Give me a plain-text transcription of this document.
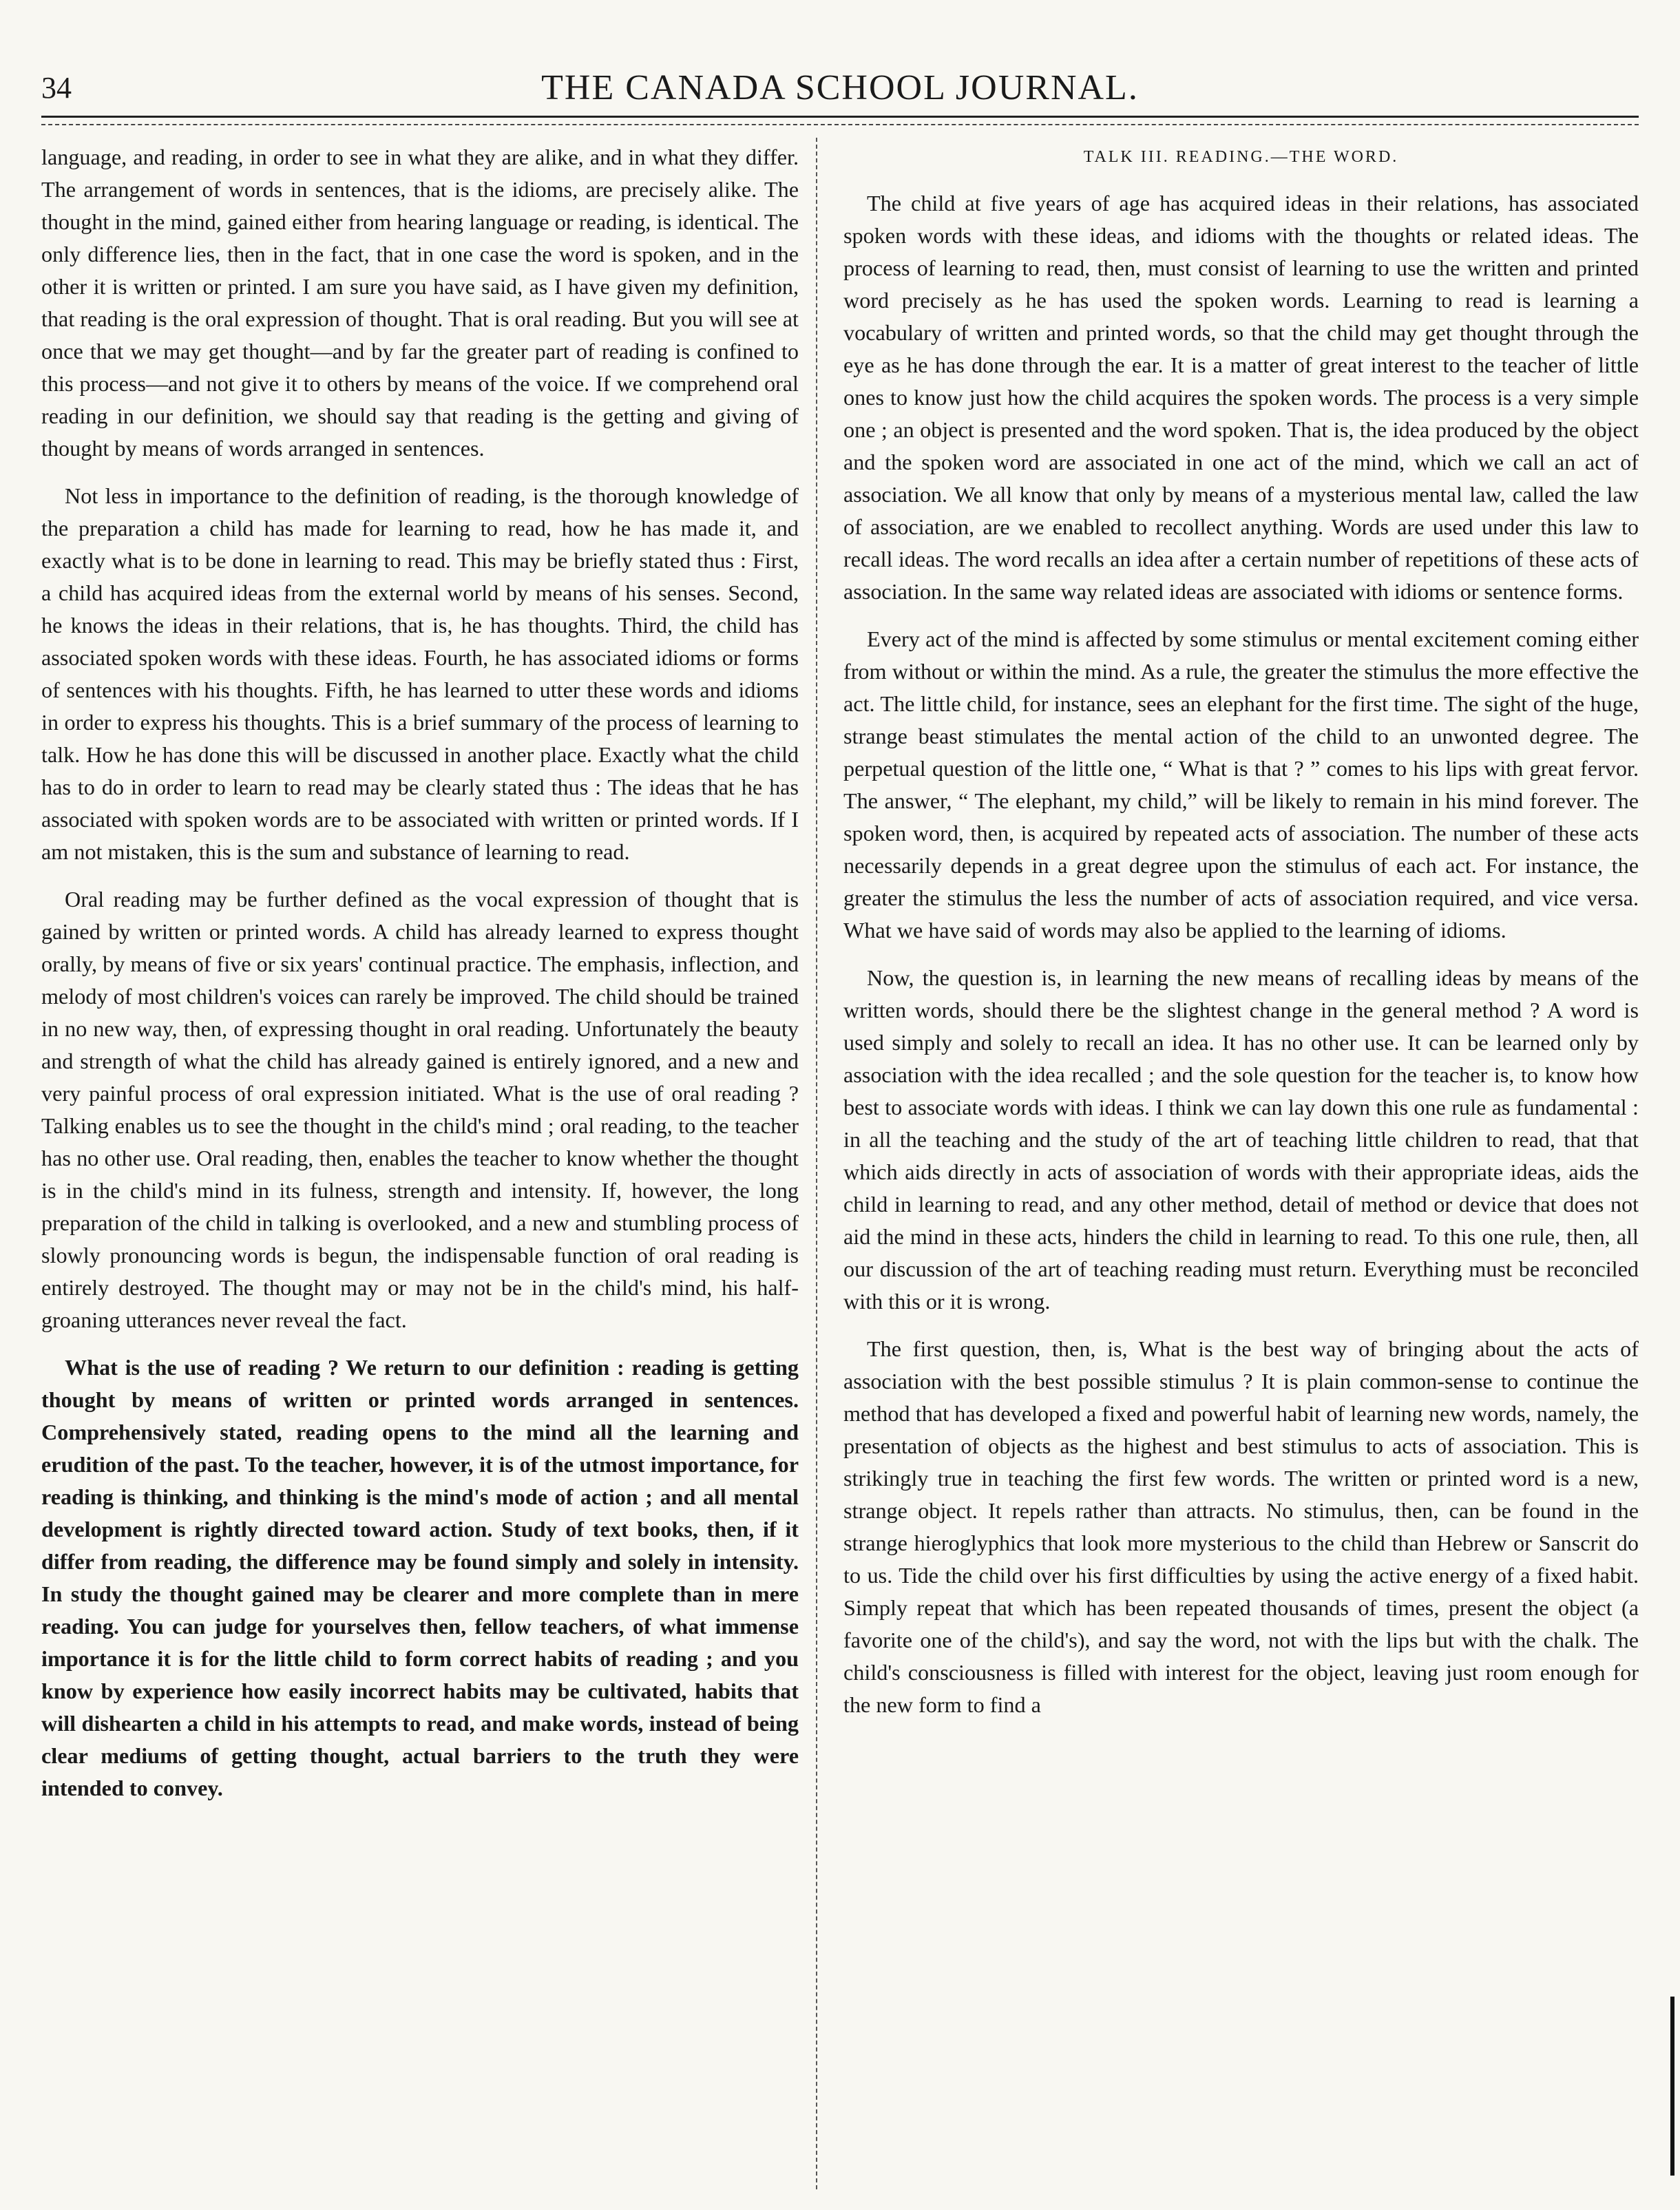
34	THE CANADA SCHOOL JOURNAL.

language, and reading, in order to see in what they are alike, and in what they differ. The arrangement of words in sentences, that is the idioms, are precisely alike. The thought in the mind, gained either from hearing language or reading, is identical. The only difference lies, then in the fact, that in one case the word is spoken, and in the other it is written or printed. I am sure you have said, as I have given my definition, that reading is the oral expression of thought. That is oral reading. But you will see at once that we may get thought—and by far the greater part of reading is confined to this process—and not give it to others by means of the voice. If we comprehend oral reading in our definition, we should say that reading is the getting and giving of thought by means of words arranged in sentences.

Not less in importance to the definition of reading, is the thorough knowledge of the preparation a child has made for learning to read, how he has made it, and exactly what is to be done in learning to read. This may be briefly stated thus : First, a child has acquired ideas from the external world by means of his senses. Second, he knows the ideas in their relations, that is, he has thoughts. Third, the child has associated spoken words with these ideas. Fourth, he has associated idioms or forms of sentences with his thoughts. Fifth, he has learned to utter these words and idioms in order to express his thoughts. This is a brief summary of the process of learning to talk. How he has done this will be discussed in another place. Exactly what the child has to do in order to learn to read may be clearly stated thus : The ideas that he has associated with spoken words are to be associated with written or printed words. If I am not mistaken, this is the sum and substance of learning to read.

Oral reading may be further defined as the vocal expression of thought that is gained by written or printed words. A child has already learned to express thought orally, by means of five or six years' continual practice. The emphasis, inflection, and melody of most children's voices can rarely be improved. The child should be trained in no new way, then, of expressing thought in oral reading. Unfortunately the beauty and strength of what the child has already gained is entirely ignored, and a new and very painful process of oral expression initiated. What is the use of oral reading ? Talking enables us to see the thought in the child's mind ; oral reading, to the teacher has no other use. Oral reading, then, enables the teacher to know whether the thought is in the child's mind in its fulness, strength and intensity. If, however, the long preparation of the child in talking is overlooked, and a new and stumbling process of slowly pronouncing words is begun, the indispensable function of oral reading is entirely destroyed. The thought may or may not be in the child's mind, his half-groaning utterances never reveal the fact.

What is the use of reading ? We return to our definition : reading is getting thought by means of written or printed words arranged in sentences. Comprehensively stated, reading opens to the mind all the learning and erudition of the past. To the teacher, however, it is of the utmost importance, for reading is thinking, and thinking is the mind's mode of action ; and all mental development is rightly directed toward action. Study of text books, then, if it differ from reading, the difference may be found simply and solely in intensity. In study the thought gained may be clearer and more complete than in mere reading. You can judge for yourselves then, fellow teachers, of what immense importance it is for the little child to form correct habits of reading ; and you know by experience how easily incorrect habits may be cultivated, habits that will dishearten a child in his attempts to read, and make words, instead of being clear mediums of getting thought, actual barriers to the truth they were intended to convey.

TALK III. READING.—THE WORD.

The child at five years of age has acquired ideas in their relations, has associated spoken words with these ideas, and idioms with the thoughts or related ideas. The process of learning to read, then, must consist of learning to use the written and printed word precisely as he has used the spoken words. Learning to read is learning a vocabulary of written and printed words, so that the child may get thought through the eye as he has done through the ear. It is a matter of great interest to the teacher of little ones to know just how the child acquires the spoken words. The process is a very simple one ; an object is presented and the word spoken. That is, the idea produced by the object and the spoken word are associated in one act of the mind, which we call an act of association. We all know that only by means of a mysterious mental law, called the law of association, are we enabled to recollect anything. Words are used under this law to recall ideas. The word recalls an idea after a certain number of repetitions of these acts of association. In the same way related ideas are associated with idioms or sentence forms.

Every act of the mind is affected by some stimulus or mental excitement coming either from without or within the mind. As a rule, the greater the stimulus the more effective the act. The little child, for instance, sees an elephant for the first time. The sight of the huge, strange beast stimulates the mental action of the child to an unwonted degree. The perpetual question of the little one, “ What is that ? ” comes to his lips with great fervor. The answer, “ The elephant, my child,” will be likely to remain in his mind forever. The spoken word, then, is acquired by repeated acts of association. The number of these acts necessarily depends in a great degree upon the stimulus of each act. For instance, the greater the stimulus the less the number of acts of association required, and vice versa. What we have said of words may also be applied to the learning of idioms.

Now, the question is, in learning the new means of recalling ideas by means of the written words, should there be the slightest change in the general method ? A word is used simply and solely to recall an idea. It has no other use. It can be learned only by association with the idea recalled ; and the sole question for the teacher is, to know how best to associate words with ideas. I think we can lay down this one rule as fundamental : in all the teaching and the study of the art of teaching little children to read, that that which aids directly in acts of association of words with their appropriate ideas, aids the child in learning to read, and any other method, detail of method or device that does not aid the mind in these acts, hinders the child in learning to read. To this one rule, then, all our discussion of the art of teaching reading must return. Everything must be reconciled with this or it is wrong.

The first question, then, is, What is the best way of bringing about the acts of association with the best possible stimulus ? It is plain common-sense to continue the method that has developed a fixed and powerful habit of learning new words, namely, the presentation of objects as the highest and best stimulus to acts of association. This is strikingly true in teaching the first few words. The written or printed word is a new, strange object. It repels rather than attracts. No stimulus, then, can be found in the strange hieroglyphics that look more mysterious to the child than Hebrew or Sanscrit do to us. Tide the child over his first difficulties by using the active energy of a fixed habit. Simply repeat that which has been repeated thousands of times, present the object (a favorite one of the child's), and say the word, not with the lips but with the chalk. The child's consciousness is filled with interest for the object, leaving just room enough for the new form to find a
